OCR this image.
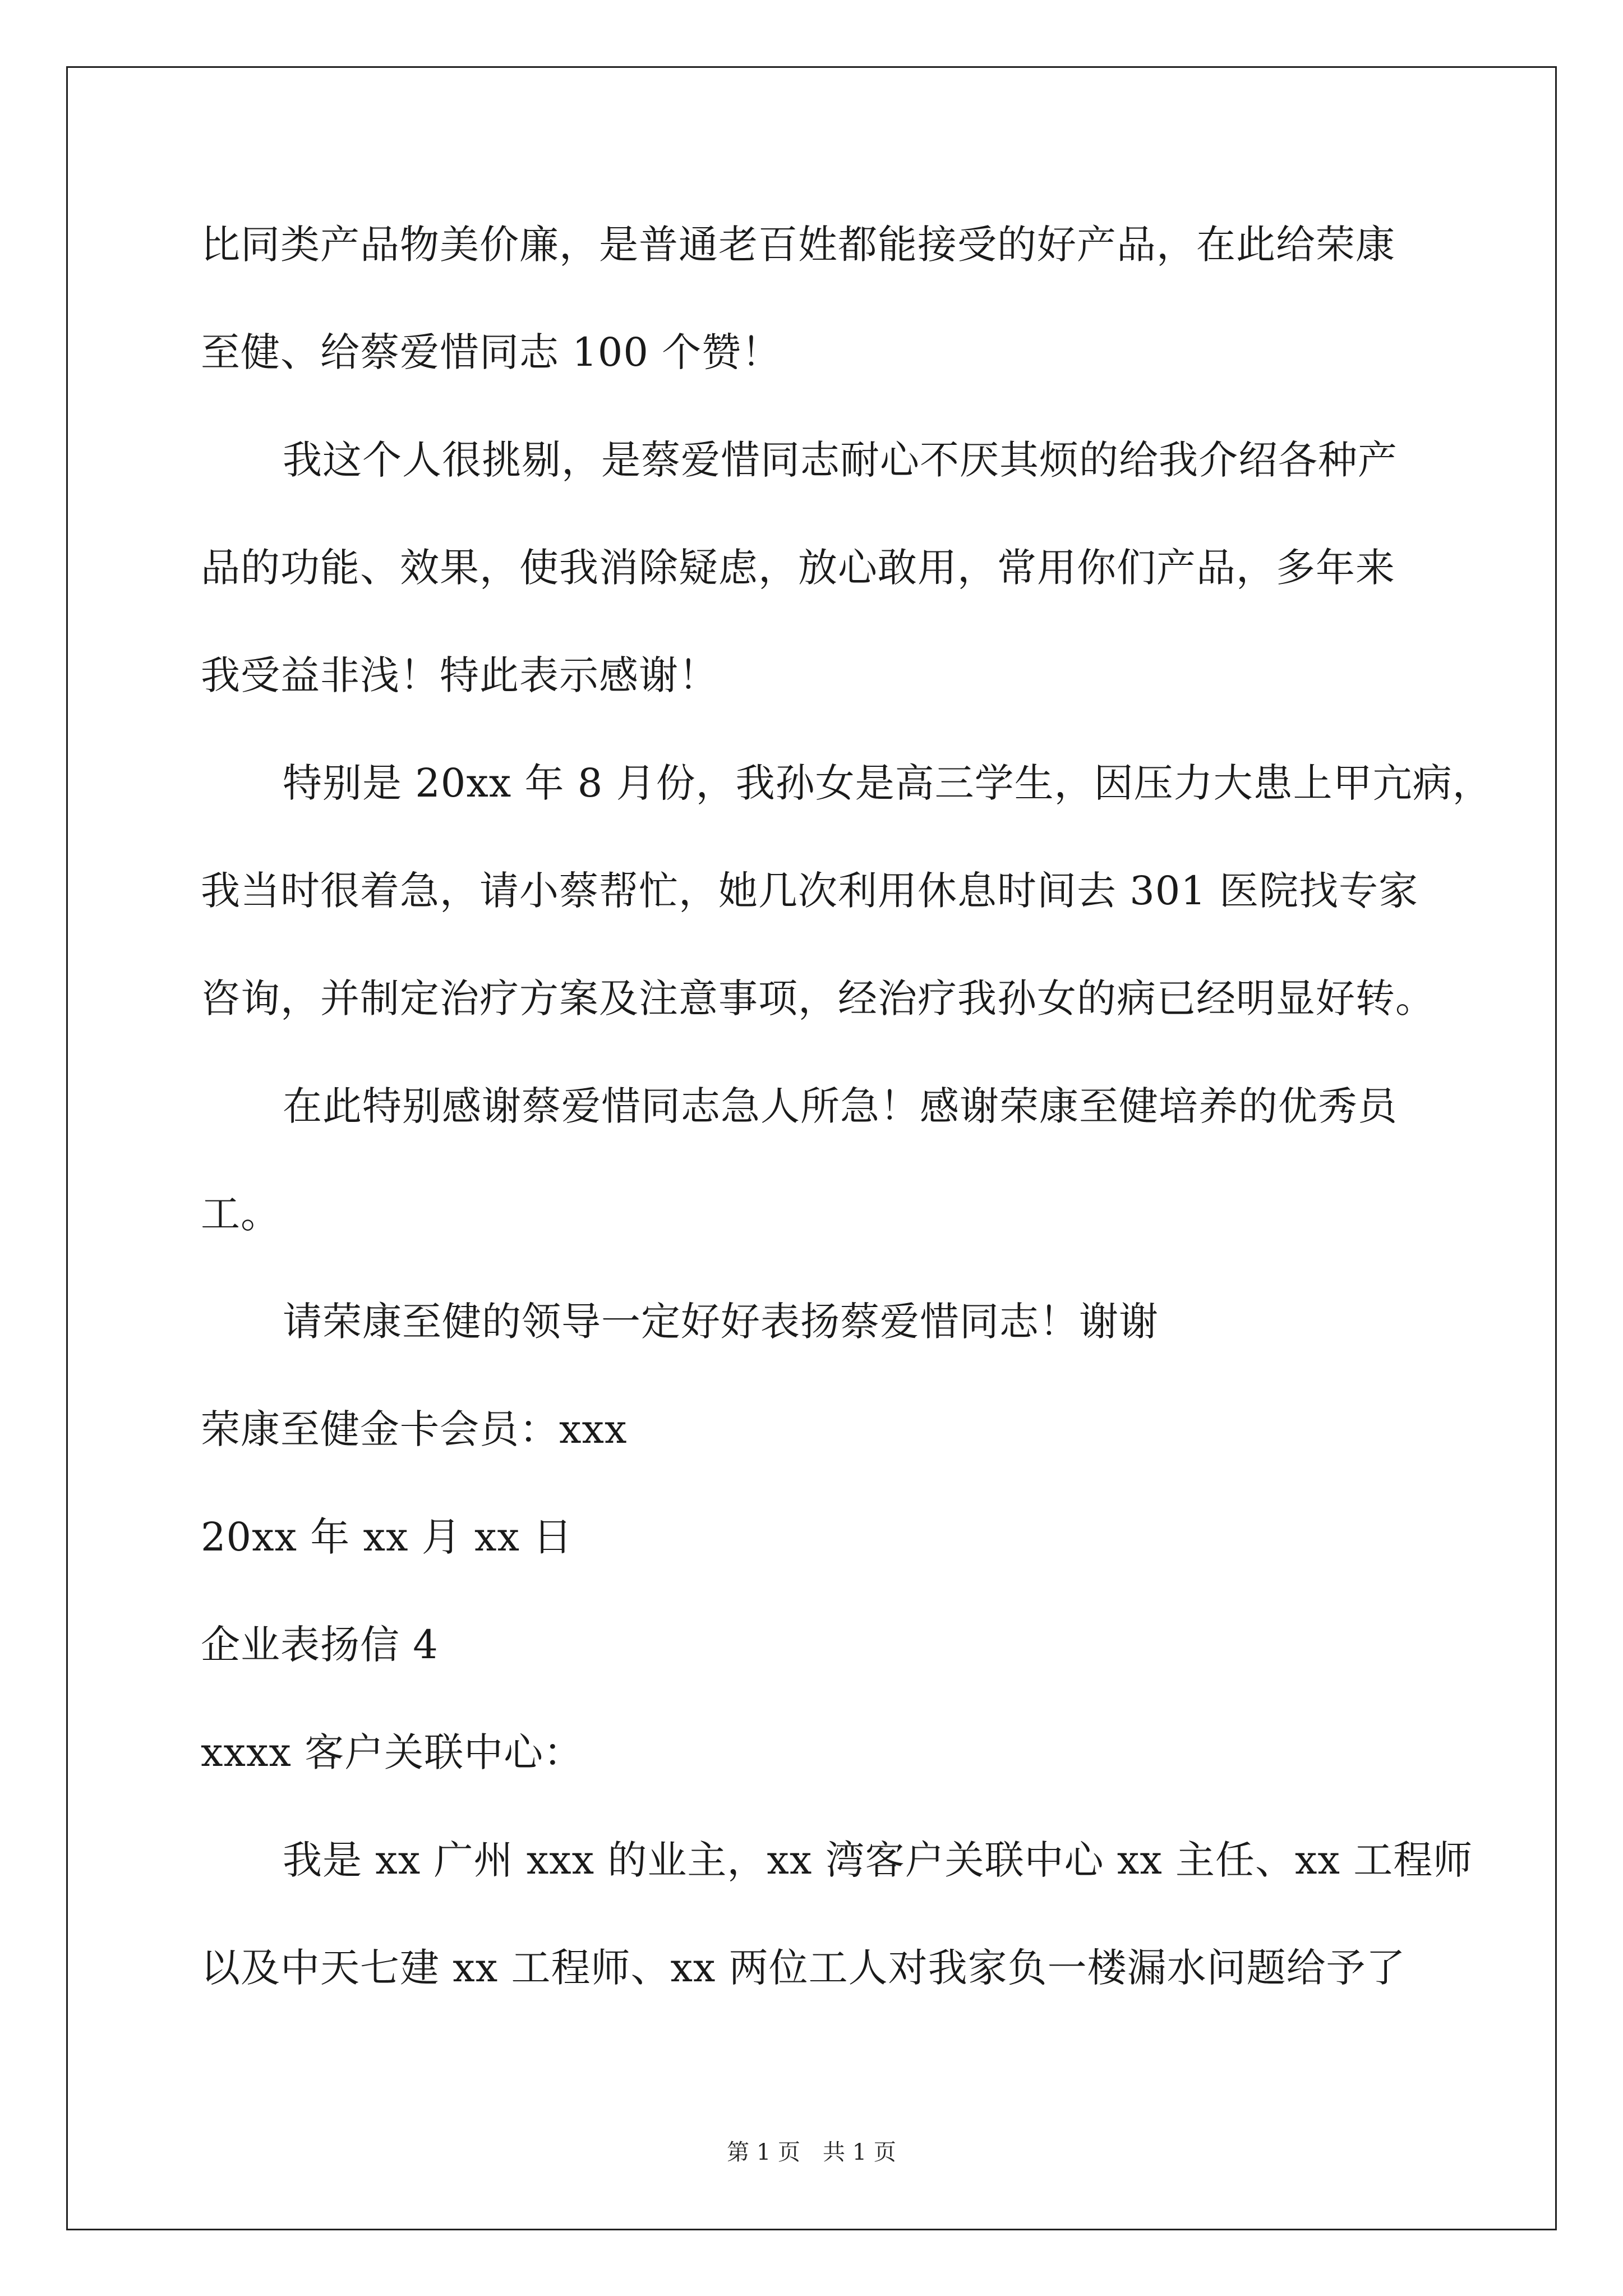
比同类产品物美价廉，是普通老百姓都能接受的好产品，在此给荣康
至健、给蔡爱惜同志 100 个赞！
我这个人很挑剔，是蔡爱惜同志耐心不厌其烦的给我介绍各种产
品的功能、效果，使我消除疑虑，放心敢用，常用你们产品，多年来
我受益非浅！特此表示感谢！
特别是 20xx 年 8 月份，我孙女是高三学生，因压力大患上甲亢病，
我当时很着急，请小蔡帮忙，她几次利用休息时间去 301 医院找专家
咨询，并制定治疗方案及注意事项，经治疗我孙女的病已经明显好转。
在此特别感谢蔡爱惜同志急人所急！感谢荣康至健培养的优秀员
工。
请荣康至健的领导一定好好表扬蔡爱惜同志！谢谢
荣康至健金卡会员：xxx
20xx 年 xx 月 xx 日
企业表扬信 4
xxxx 客户关联中心：
我是 xx 广州 xxx 的业主，xx 湾客户关联中心 xx 主任、xx 工程师
以及中天七建 xx 工程师、xx 两位工人对我家负一楼漏水问题给予了
第 1 页　共 1 页
